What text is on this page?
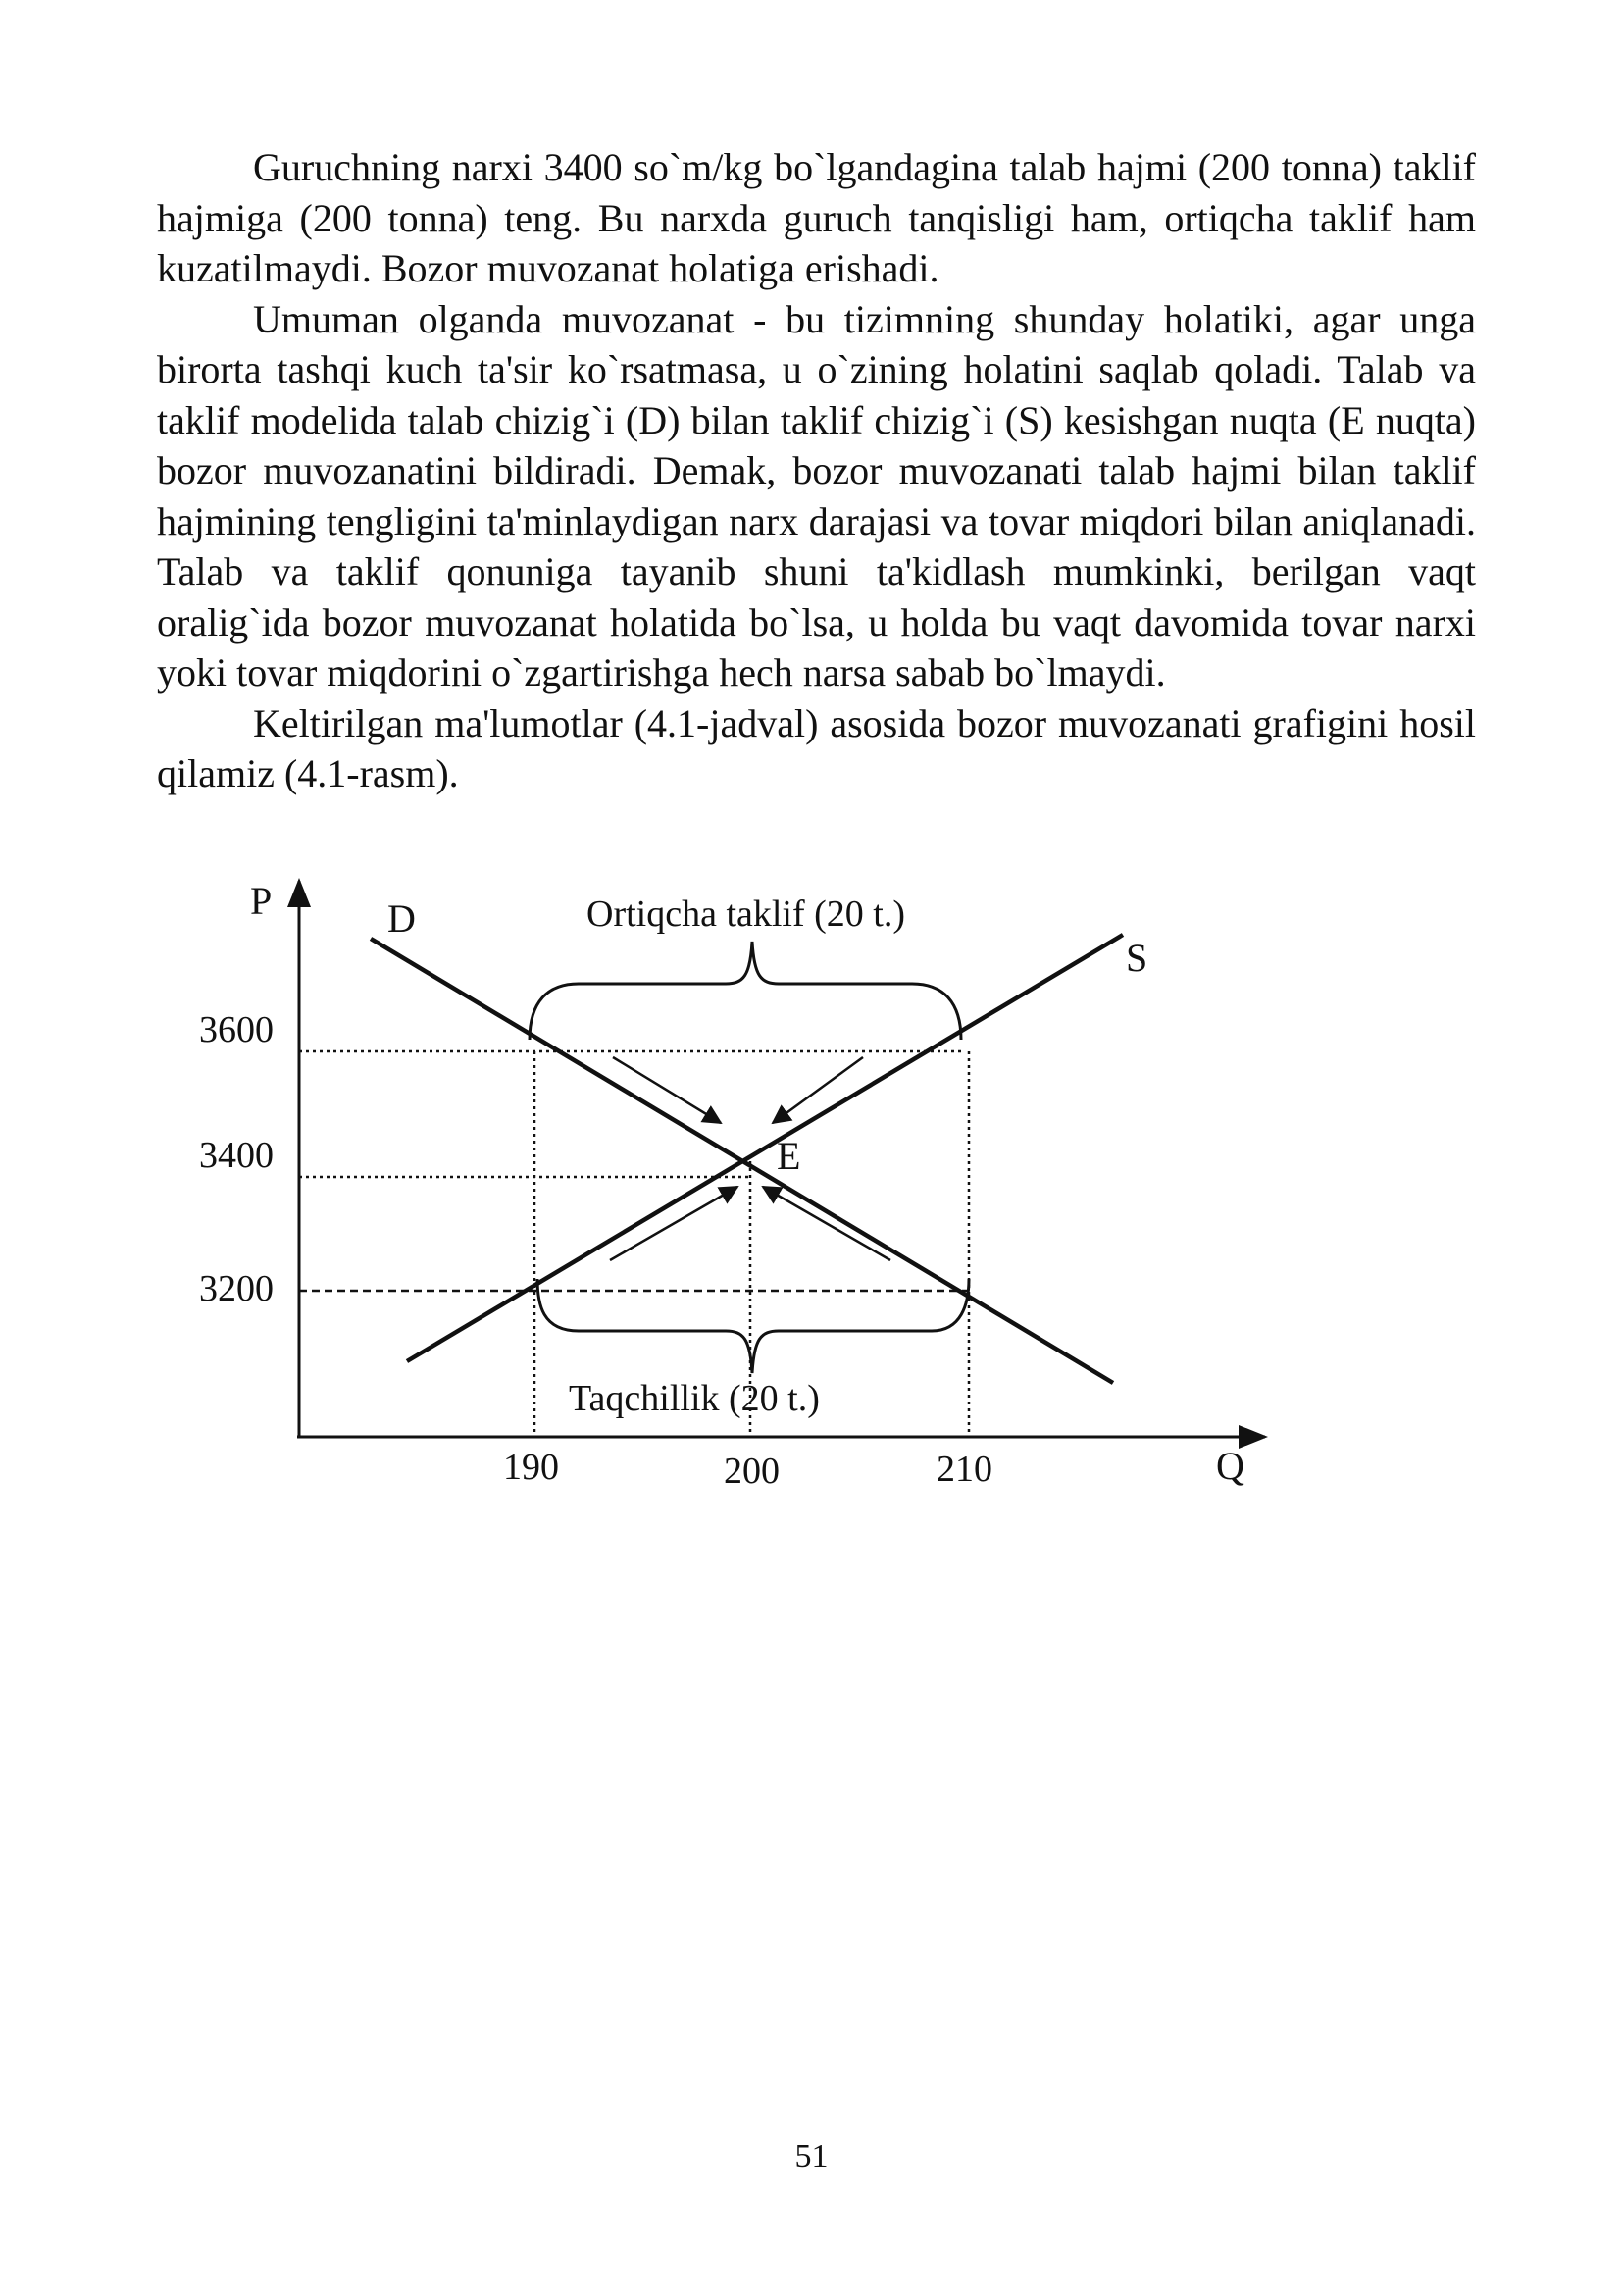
Guruchning narxi 3400 so`m/kg bo`lgandagina talab hajmi (200 tonna) taklif hajmiga (200 tonna) teng. Bu narxda guruch tanqisligi ham, ortiqcha taklif ham kuzatilmaydi. Bozor muvozanat holatiga erishadi.

Umuman olganda muvozanat - bu tizimning shunday holatiki, agar unga birorta tashqi kuch ta'sir ko`rsatmasa, u o`zining holatini saqlab qoladi. Talab va taklif modelida talab chizig`i (D) bilan taklif chizig`i (S) kesishgan nuqta (E nuqta) bozor muvozanatini bildiradi. Demak, bozor muvozanati talab hajmi bilan taklif hajmining tengligini ta'minlaydigan narx darajasi va tovar miqdori bilan aniqlanadi. Talab va taklif qonuniga tayanib shuni ta'kidlash mumkinki, berilgan vaqt oralig`ida bozor muvozanat holatida bo`lsa, u holda bu vaqt davomida tovar narxi yoki tovar miqdorini o`zgartirishga hech narsa sabab bo`lmaydi.

Keltirilgan ma'lumotlar (4.1-jadval) asosida bozor muvozanati grafigini hosil qilamiz (4.1-rasm).

P
Q
D
S
E
Ortiqcha taklif (20 t.)
Taqchillik (20 t.)
3600
3400
3200
190	200	210
51
